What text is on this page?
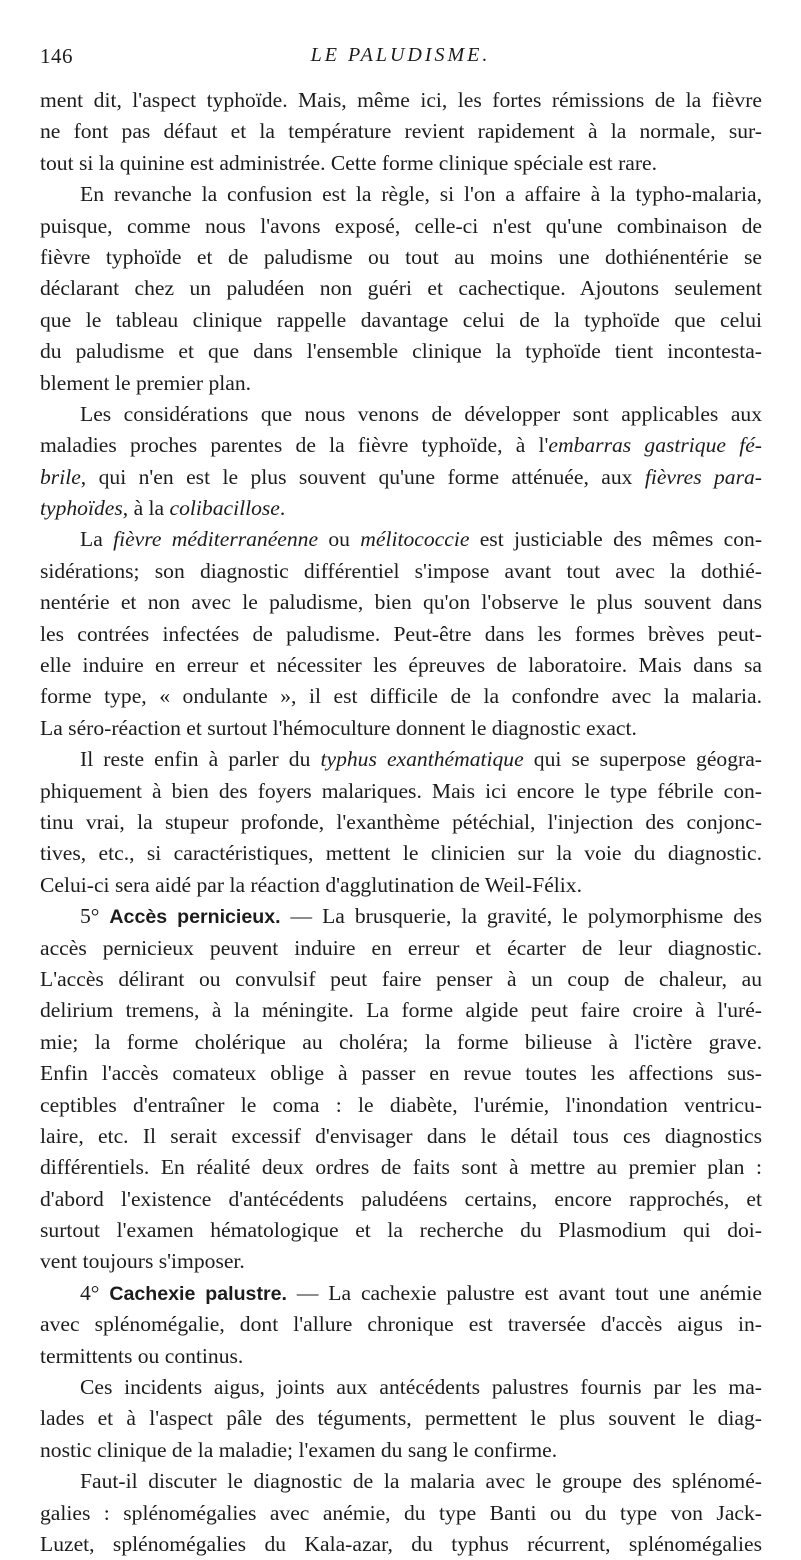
146	LE PALUDISME.
ment dit, l'aspect typhoïde. Mais, même ici, les fortes rémissions de la fièvre
ne font pas défaut et la température revient rapidement à la normale, sur-
tout si la quinine est administrée. Cette forme clinique spéciale est rare.
En revanche la confusion est la règle, si l'on a affaire à la typho-malaria,
puisque, comme nous l'avons exposé, celle-ci n'est qu'une combinaison de
fièvre typhoïde et de paludisme ou tout au moins une dothiénentérie se
déclarant chez un paludéen non guéri et cachectique. Ajoutons seulement
que le tableau clinique rappelle davantage celui de la typhoïde que celui
du paludisme et que dans l'ensemble clinique la typhoïde tient incontesta-
blement le premier plan.
Les considérations que nous venons de développer sont applicables aux
maladies proches parentes de la fièvre typhoïde, à l'embarras gastrique fé-
brile, qui n'en est le plus souvent qu'une forme atténuée, aux fièvres para-
typhoïdes, à la colibacillose.
La fièvre méditerranéenne ou mélitococcie est justiciable des mêmes con-
sidérations; son diagnostic différentiel s'impose avant tout avec la dothié-
nentérie et non avec le paludisme, bien qu'on l'observe le plus souvent dans
les contrées infectées de paludisme. Peut-être dans les formes brèves peut-
elle induire en erreur et nécessiter les épreuves de laboratoire. Mais dans sa
forme type, « ondulante », il est difficile de la confondre avec la malaria.
La séro-réaction et surtout l'hémoculture donnent le diagnostic exact.
Il reste enfin à parler du typhus exanthématique qui se superpose géogra-
phiquement à bien des foyers malariques. Mais ici encore le type fébrile con-
tinu vrai, la stupeur profonde, l'exanthème pétéchial, l'injection des conjonc-
tives, etc., si caractéristiques, mettent le clinicien sur la voie du diagnostic.
Celui-ci sera aidé par la réaction d'agglutination de Weil-Félix.
5° Accès pernicieux. — La brusquerie, la gravité, le polymorphisme des
accès pernicieux peuvent induire en erreur et écarter de leur diagnostic.
L'accès délirant ou convulsif peut faire penser à un coup de chaleur, au
delirium tremens, à la méningite. La forme algide peut faire croire à l'uré-
mie; la forme cholérique au choléra; la forme bilieuse à l'ictère grave.
Enfin l'accès comateux oblige à passer en revue toutes les affections sus-
ceptibles d'entraîner le coma : le diabète, l'urémie, l'inondation ventricu-
laire, etc. Il serait excessif d'envisager dans le détail tous ces diagnostics
différentiels. En réalité deux ordres de faits sont à mettre au premier plan :
d'abord l'existence d'antécédents paludéens certains, encore rapprochés, et
surtout l'examen hématologique et la recherche du Plasmodium qui doi-
vent toujours s'imposer.
4° Cachexie palustre. — La cachexie palustre est avant tout une anémie
avec splénomégalie, dont l'allure chronique est traversée d'accès aigus in-
termittents ou continus.
Ces incidents aigus, joints aux antécédents palustres fournis par les ma-
lades et à l'aspect pâle des téguments, permettent le plus souvent le diag-
nostic clinique de la maladie; l'examen du sang le confirme.
Faut-il discuter le diagnostic de la malaria avec le groupe des splénomé-
galies : splénomégalies avec anémie, du type Banti ou du type von Jack-
Luzet, splénomégalies du Kala-azar, du typhus récurrent, splénomégalies
